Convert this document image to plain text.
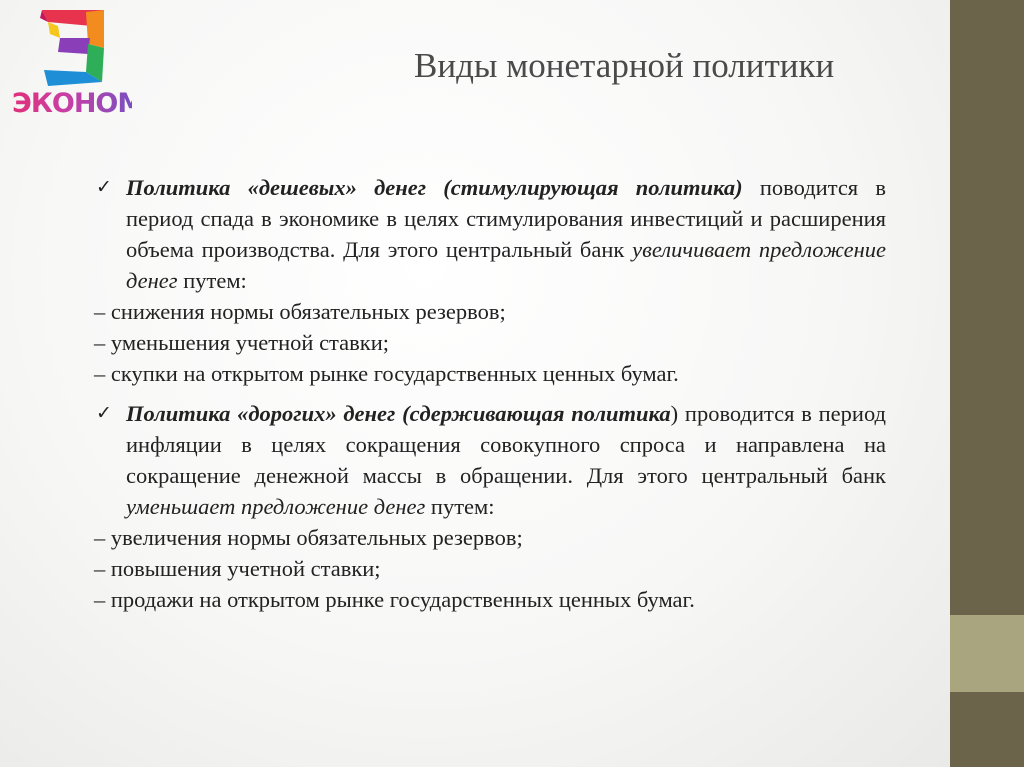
ЭКОНОМ
Виды монетарной политики
✓ Политика «дешевых» денег (стимулирующая политика) поводится в период спада в экономике в целях стимулирования инвестиций и расширения объема производства. Для этого центральный банк увеличивает предложение денег путем:
– снижения нормы обязательных резервов;
– уменьшения учетной ставки;
– скупки на открытом рынке государственных ценных бумаг.
✓ Политика «дорогих» денег (сдерживающая политика) проводится в период инфляции в целях сокращения совокупного спроса и направлена на сокращение денежной массы в обращении. Для этого центральный банк уменьшает предложение денег путем:
– увеличения нормы обязательных резервов;
– повышения учетной ставки;
– продажи на открытом рынке государственных ценных бумаг.
